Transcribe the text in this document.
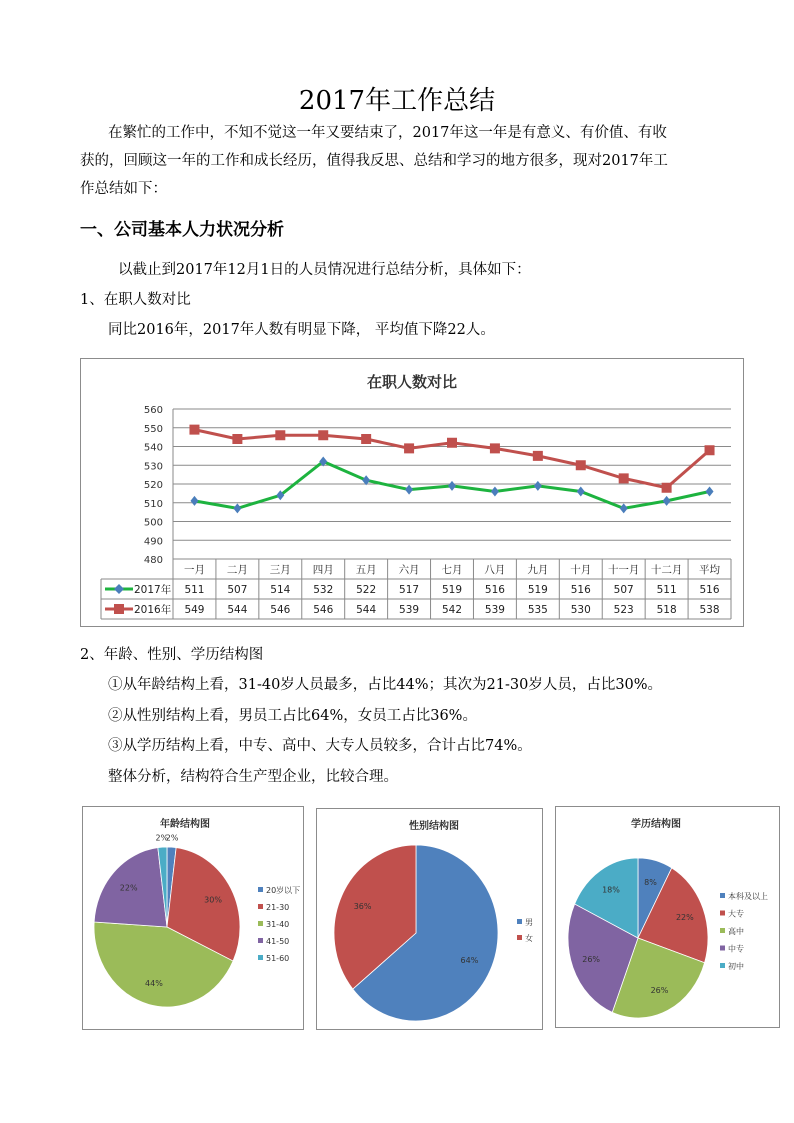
2017年工作总结
在繁忙的工作中，不知不觉这一年又要结束了，2017年这一年是有意义、有价值、有收
获的，回顾这一年的工作和成长经历，值得我反思、总结和学习的地方很多，现对2017年工
作总结如下：
一、公司基本人力状况分析
以截止到2017年12月1日的人员情况进行总结分析，具体如下：
1、在职人数对比
同比2016年，2017年人数有明显下降， 平均值下降22人。
在职人数对比
480
490
500
510
520
530
540
550
560
一月 二月 三月 四月 五月 六月 七月 八月 九月 十月 十一月 十二月 平均
2017年 511 507 514 532 522 517 519 516 519 516 507 511 516
2016年 549 544 546 546 544 539 542 539 535 530 523 518 538
2、年龄、性别、学历结构图
①从年龄结构上看，31-40岁人员最多，占比44%；其次为21-30岁人员，占比30%。
②从性别结构上看，男员工占比64%，女员工占比36%。
③从学历结构上看，中专、高中、大专人员较多，合计占比74%。
整体分析，结构符合生产型企业，比较合理。
年龄结构图
2%
20岁以下
30%
21-30
44%
31-40
22%
41-50
2%
51-60
性别结构图
64%
男
36%
女
学历结构图
8%
本科及以上
22%	大专
26%
高中
26%
中专
18%
初中
